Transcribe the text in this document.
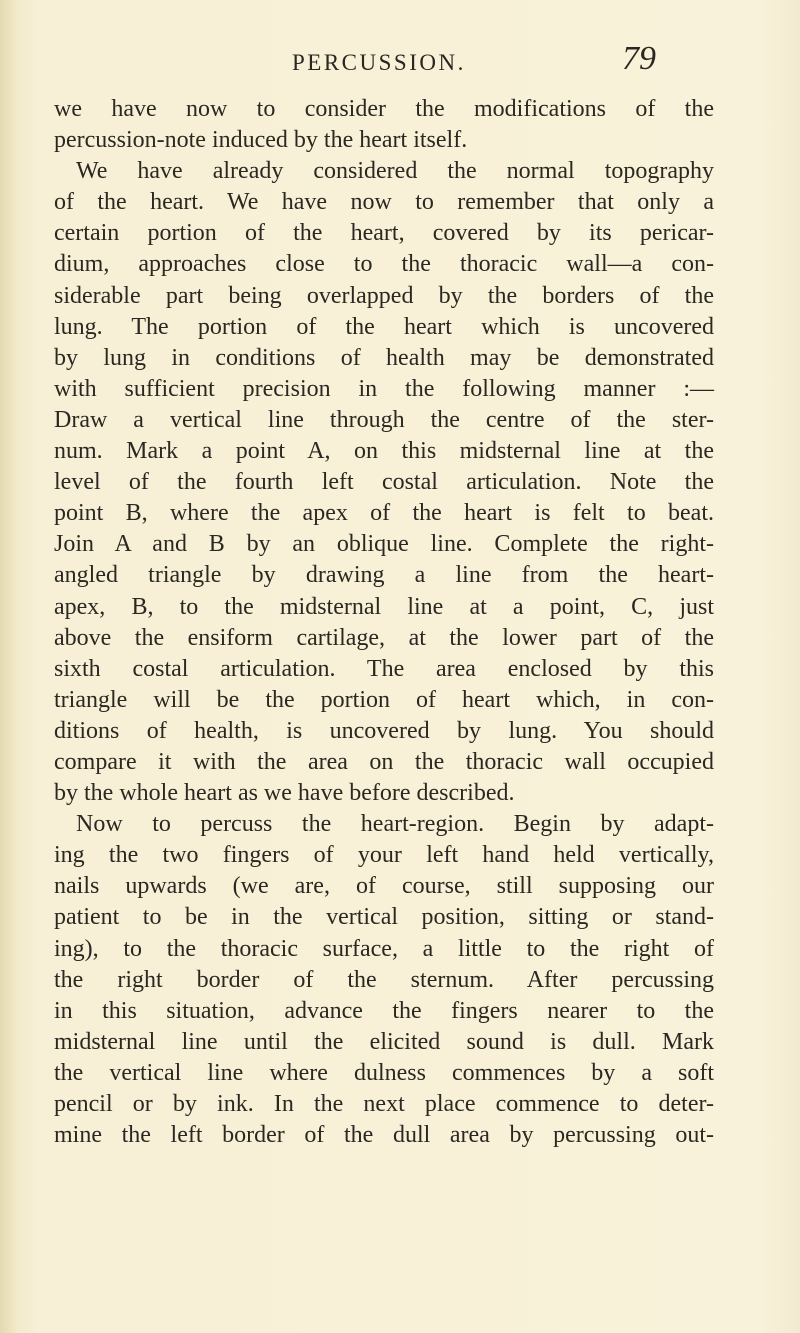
PERCUSSION.	79
we have now to consider the modifications of the
percussion-note induced by the heart itself.
We have already considered the normal topography
of the heart. We have now to remember that only a
certain portion of the heart, covered by its pericar-
dium, approaches close to the thoracic wall—a con-
siderable part being overlapped by the borders of the
lung. The portion of the heart which is uncovered
by lung in conditions of health may be demonstrated
with sufficient precision in the following manner :—
Draw a vertical line through the centre of the ster-
num. Mark a point A, on this midsternal line at the
level of the fourth left costal articulation. Note the
point B, where the apex of the heart is felt to beat.
Join A and B by an oblique line. Complete the right-
angled triangle by drawing a line from the heart-
apex, B, to the midsternal line at a point, C, just
above the ensiform cartilage, at the lower part of the
sixth costal articulation. The area enclosed by this
triangle will be the portion of heart which, in con-
ditions of health, is uncovered by lung. You should
compare it with the area on the thoracic wall occupied
by the whole heart as we have before described.
Now to percuss the heart-region. Begin by adapt-
ing the two fingers of your left hand held vertically,
nails upwards (we are, of course, still supposing our
patient to be in the vertical position, sitting or stand-
ing), to the thoracic surface, a little to the right of
the right border of the sternum. After percussing
in this situation, advance the fingers nearer to the
midsternal line until the elicited sound is dull. Mark
the vertical line where dulness commences by a soft
pencil or by ink. In the next place commence to deter-
mine the left border of the dull area by percussing out-
